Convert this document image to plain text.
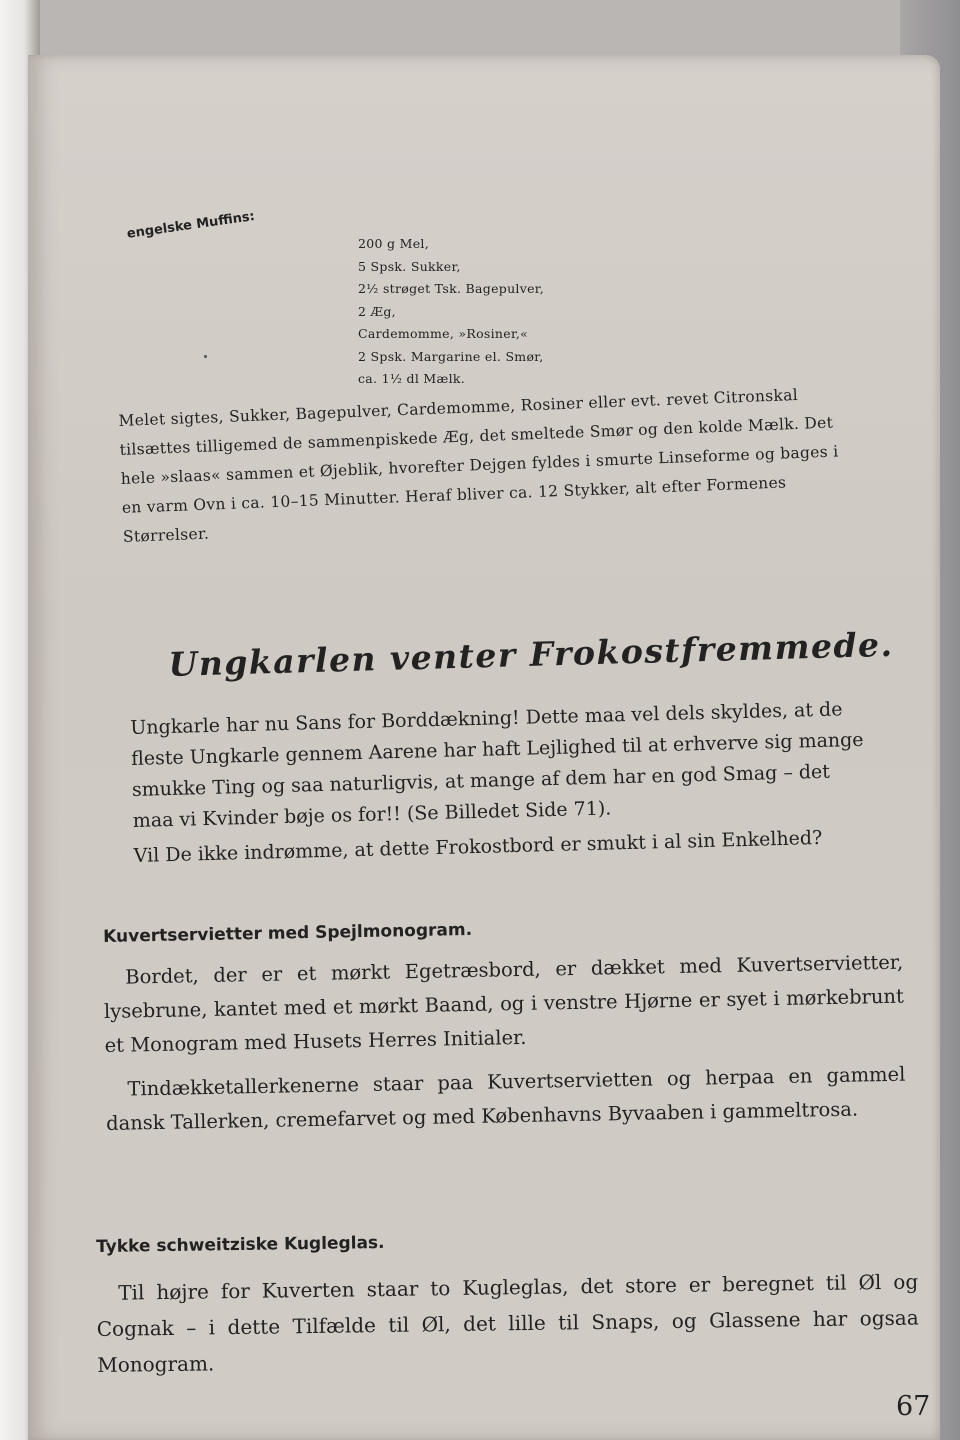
engelske Muffins:
200 g Mel,
5 Spsk. Sukker,
2½ strøget Tsk. Bagepulver,
2 Æg,
Cardemomme, »Rosiner,«
2 Spsk. Margarine el. Smør,
ca. 1½ dl Mælk.

Melet sigtes, Sukker, Bagepulver, Cardemomme, Rosiner eller evt. revet Citronskal tilsættes tilligemed de sammenpiskede Æg, det smeltede Smør og den kolde Mælk. Det hele »slaas« sammen et Øjeblik, hvorefter Dejgen fyldes i smurte Linseforme og bages i en varm Ovn i ca. 10–15 Minutter. Heraf bliver ca. 12 Stykker, alt efter Formenes Størrelser.

Ungkarlen venter Frokostfremmede.

Ungkarle har nu Sans for Borddækning! Dette maa vel dels skyldes, at de fleste Ungkarle gennem Aarene har haft Lejlighed til at erhverve sig mange smukke Ting og saa naturligvis, at mange af dem har en god Smag – det maa vi Kvinder bøje os for!! (Se Billedet Side 71).

Vil De ikke indrømme, at dette Frokostbord er smukt i al sin Enkelhed?

Kuvertservietter med Spejlmonogram.

Bordet, der er et mørkt Egetræsbord, er dækket med Kuvertservietter, lysebrune, kantet med et mørkt Baand, og i venstre Hjørne er syet i mørkebrunt et Monogram med Husets Herres Initialer.

Tindækketallerkenerne staar paa Kuvertservietten og herpaa en gammel dansk Tallerken, cremefarvet og med Københavns Byvaaben i gammeltrosa.

Tykke schweitziske Kugleglas.

Til højre for Kuverten staar to Kugleglas, det store er beregnet til Øl og Cognak – i dette Tilfælde til Øl, det lille til Snaps, og Glassene har ogsaa Monogram.

67
